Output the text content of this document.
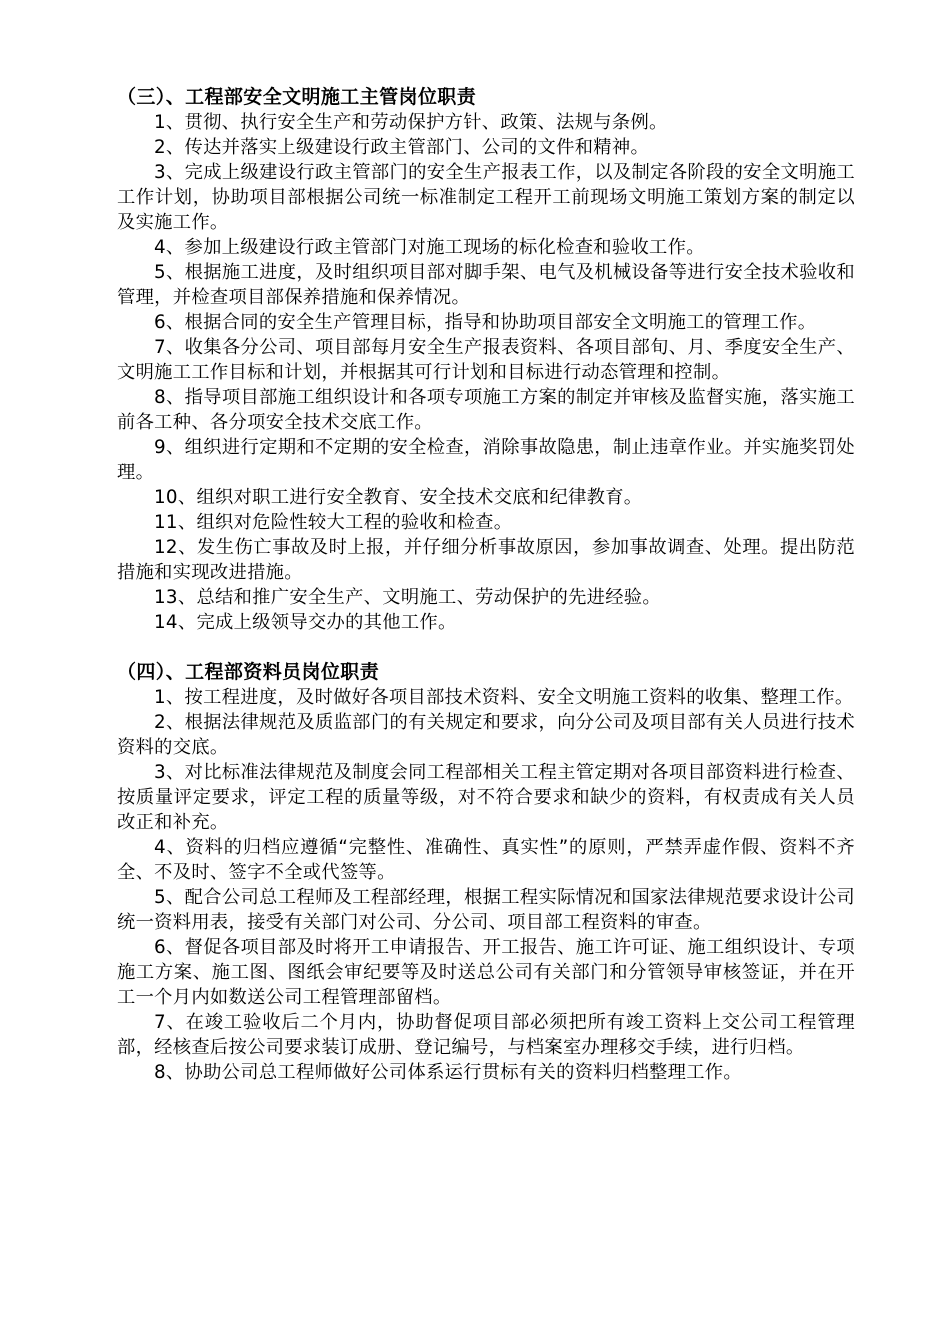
（三）、工程部安全文明施工主管岗位职责

1、贯彻、执行安全生产和劳动保护方针、政策、法规与条例。

2、传达并落实上级建设行政主管部门、公司的文件和精神。

3、完成上级建设行政主管部门的安全生产报表工作，以及制定各阶段的安全文明施工工作计划，协助项目部根据公司统一标准制定工程开工前现场文明施工策划方案的制定以及实施工作。

4、参加上级建设行政主管部门对施工现场的标化检查和验收工作。

5、根据施工进度，及时组织项目部对脚手架、电气及机械设备等进行安全技术验收和管理，并检查项目部保养措施和保养情况。

6、根据合同的安全生产管理目标，指导和协助项目部安全文明施工的管理工作。

7、收集各分公司、项目部每月安全生产报表资料、各项目部旬、月、季度安全生产、文明施工工作目标和计划，并根据其可行计划和目标进行动态管理和控制。

8、指导项目部施工组织设计和各项专项施工方案的制定并审核及监督实施，落实施工前各工种、各分项安全技术交底工作。

9、组织进行定期和不定期的安全检查，消除事故隐患，制止违章作业。并实施奖罚处理。

10、组织对职工进行安全教育、安全技术交底和纪律教育。

11、组织对危险性较大工程的验收和检查。

12、发生伤亡事故及时上报，并仔细分析事故原因，参加事故调查、处理。提出防范措施和实现改进措施。

13、总结和推广安全生产、文明施工、劳动保护的先进经验。

14、完成上级领导交办的其他工作。

（四）、工程部资料员岗位职责

1、按工程进度，及时做好各项目部技术资料、安全文明施工资料的收集、整理工作。

2、根据法律规范及质监部门的有关规定和要求，向分公司及项目部有关人员进行技术资料的交底。

3、对比标准法律规范及制度会同工程部相关工程主管定期对各项目部资料进行检查、按质量评定要求，评定工程的质量等级，对不符合要求和缺少的资料，有权责成有关人员改正和补充。

4、资料的归档应遵循“完整性、准确性、真实性”的原则，严禁弄虚作假、资料不齐全、不及时、签字不全或代签等。

5、配合公司总工程师及工程部经理，根据工程实际情况和国家法律规范要求设计公司统一资料用表，接受有关部门对公司、分公司、项目部工程资料的审查。

6、督促各项目部及时将开工申请报告、开工报告、施工许可证、施工组织设计、专项施工方案、施工图、图纸会审纪要等及时送总公司有关部门和分管领导审核签证，并在开工一个月内如数送公司工程管理部留档。

7、在竣工验收后二个月内，协助督促项目部必须把所有竣工资料上交公司工程管理部，经核查后按公司要求装订成册、登记编号，与档案室办理移交手续，进行归档。

8、协助公司总工程师做好公司体系运行贯标有关的资料归档整理工作。
